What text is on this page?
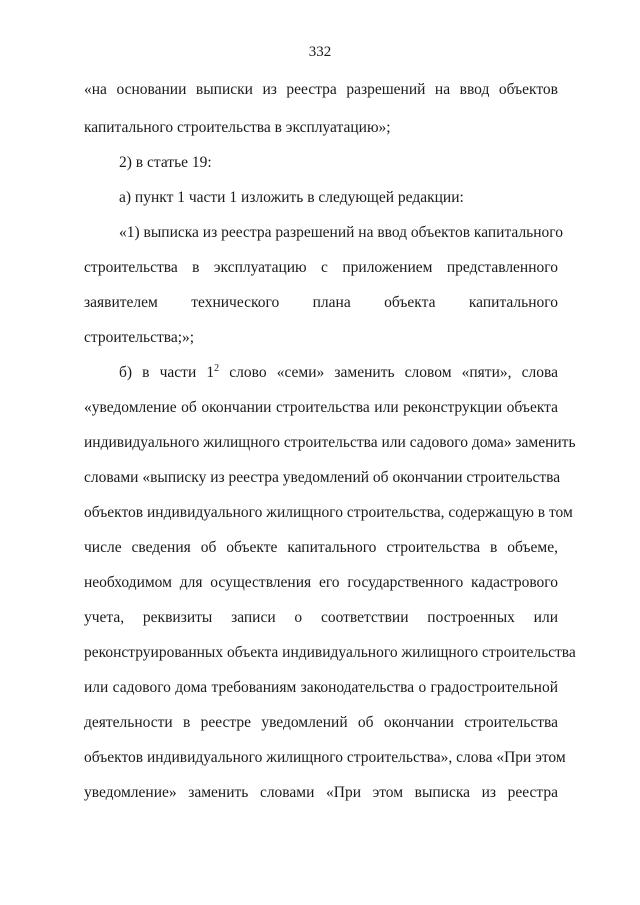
332
«на основании выписки из реестра разрешений на ввод объектов
капитального строительства в эксплуатацию»;
2) в статье 19:
а) пункт 1 части 1 изложить в следующей редакции:
«1) выписка из реестра разрешений на ввод объектов капитального
строительства в эксплуатацию с приложением представленного
заявителем технического плана объекта капитального
строительства;»;
б) в части $1^2$ слово «семи» заменить словом «пяти», слова
«уведомление об окончании строительства или реконструкции объекта
индивидуального жилищного строительства или садового дома» заменить
словами «выписку из реестра уведомлений об окончании строительства
объектов индивидуального жилищного строительства, содержащую в том
числе сведения об объекте капитального строительства в объеме,
необходимом для осуществления его государственного кадастрового
учета, реквизиты записи о соответствии построенных или
реконструированных объекта индивидуального жилищного строительства
или садового дома требованиям законодательства о градостроительной
деятельности в реестре уведомлений об окончании строительства
объектов индивидуального жилищного строительства», слова «При этом
уведомление» заменить словами «При этом выписка из реестра
